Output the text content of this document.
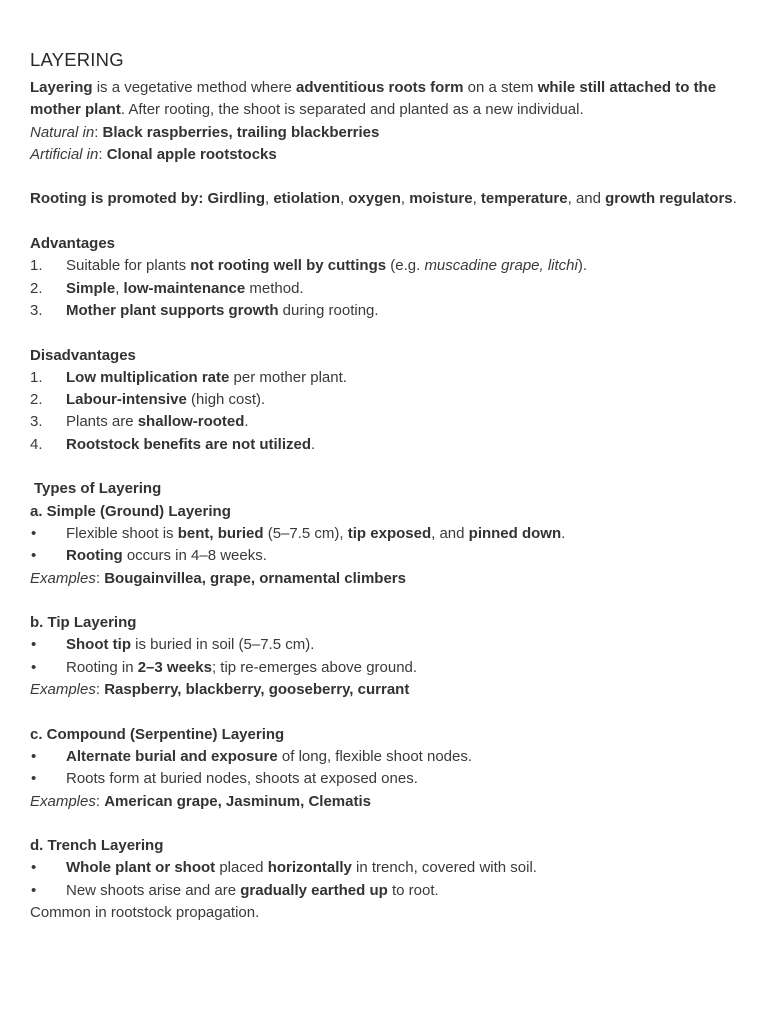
LAYERING

Layering is a vegetative method where adventitious roots form on a stem while still attached to the mother plant. After rooting, the shoot is separated and planted as a new individual.

Natural in: Black raspberries, trailing blackberries

Artificial in: Clonal apple rootstocks

Rooting is promoted by: Girdling, etiolation, oxygen, moisture, temperature, and growth regulators.

Advantages

1. Suitable for plants not rooting well by cuttings (e.g. muscadine grape, litchi).

2. Simple, low-maintenance method.

3. Mother plant supports growth during rooting.

Disadvantages

1. Low multiplication rate per mother plant.

2. Labour-intensive (high cost).

3. Plants are shallow-rooted.

4. Rootstock benefits are not utilized.

Types of Layering

a. Simple (Ground) Layering

• Flexible shoot is bent, buried (5–7.5 cm), tip exposed, and pinned down.

• Rooting occurs in 4–8 weeks.

Examples: Bougainvillea, grape, ornamental climbers

b. Tip Layering

• Shoot tip is buried in soil (5–7.5 cm).

• Rooting in 2–3 weeks; tip re-emerges above ground.

Examples: Raspberry, blackberry, gooseberry, currant

c. Compound (Serpentine) Layering

• Alternate burial and exposure of long, flexible shoot nodes.

• Roots form at buried nodes, shoots at exposed ones.

Examples: American grape, Jasminum, Clematis

d. Trench Layering

• Whole plant or shoot placed horizontally in trench, covered with soil.

• New shoots arise and are gradually earthed up to root.

Common in rootstock propagation.
